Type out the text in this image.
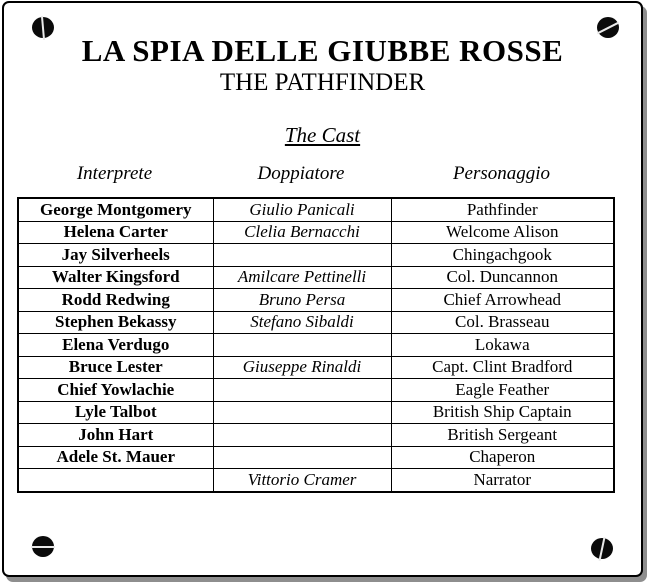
LA SPIA DELLE GIUBBE ROSSE
THE PATHFINDER
The Cast
Interprete	Doppiatore	Personaggio
George Montgomery	Giulio Panicali	Pathfinder
Helena Carter	Clelia Bernacchi	Welcome Alison
Jay Silverheels		Chingachgook
Walter Kingsford	Amilcare Pettinelli	Col. Duncannon
Rodd Redwing	Bruno Persa	Chief Arrowhead
Stephen Bekassy	Stefano Sibaldi	Col. Brasseau
Elena Verdugo		Lokawa
Bruce Lester	Giuseppe Rinaldi	Capt. Clint Bradford
Chief Yowlachie		Eagle Feather
Lyle Talbot		British Ship Captain
John Hart		British Sergeant
Adele St. Mauer		Chaperon
	Vittorio Cramer	Narrator
